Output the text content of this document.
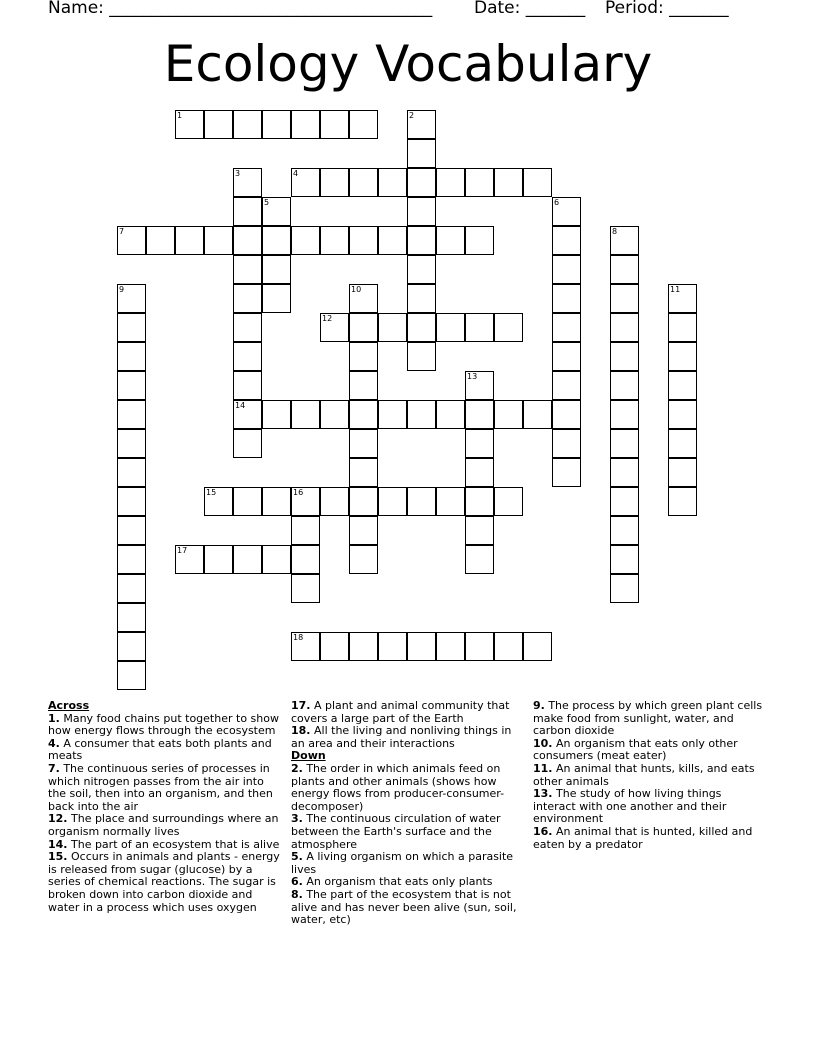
Name: ______________________________________ Date: _______ Period: _______
Ecology Vocabulary
1	2
3
14
4
5	6
7	8
9	10	11
12
13
15	16
17
18
Across
1. Many food chains put together to show how energy flows through the ecosystem
4. A consumer that eats both plants and meats
7. The continuous series of processes in which nitrogen passes from the air into the soil, then into an organism, and then back into the air
12. The place and surroundings where an organism normally lives
14. The part of an ecosystem that is alive
15. Occurs in animals and plants - energy is released from sugar (glucose) by a series of chemical reactions. The sugar is broken down into carbon dioxide and water in a process which uses oxygen
17. A plant and animal community that covers a large part of the Earth
18. All the living and nonliving things in an area and their interactions
Down
2. The order in which animals feed on plants and other animals (shows how energy flows from producer-consumer-decomposer)
3. The continuous circulation of water between the Earth's surface and the atmosphere
5. A living organism on which a parasite lives
6. An organism that eats only plants
8. The part of the ecosystem that is not alive and has never been alive (sun, soil, water, etc)
9. The process by which green plant cells make food from sunlight, water, and carbon dioxide
10. An organism that eats only other consumers (meat eater)
11. An animal that hunts, kills, and eats other animals
13. The study of how living things interact with one another and their environment
16. An animal that is hunted, killed and eaten by a predator
